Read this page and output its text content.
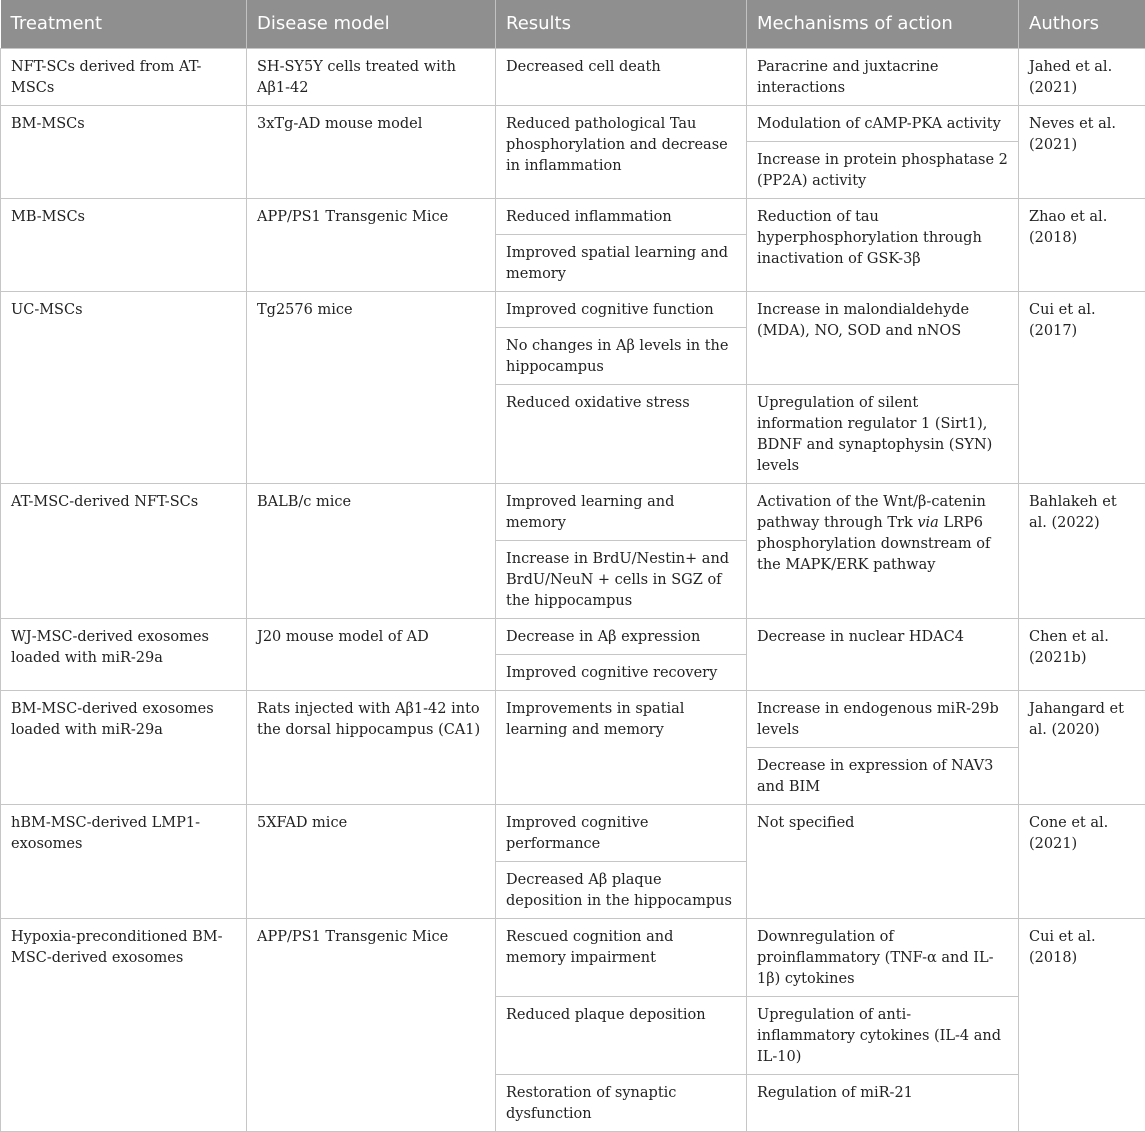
Treatment	Disease model	Results	Mechanisms of action	Authors
NFT-SCs derived from AT-MSCs	SH-SY5Y cells treated with Aβ1-42	Decreased cell death	Paracrine and juxtacrine interactions	Jahed et al. (2021)
BM-MSCs	3xTg-AD mouse model	Reduced pathological Tau phosphorylation and decrease in inflammation	Modulation of cAMP-PKA activity	Neves et al. (2021)
			Increase in protein phosphatase 2 (PP2A) activity	
MB-MSCs	APP/PS1 Transgenic Mice	Reduced inflammation	Reduction of tau hyperphosphorylation through inactivation of GSK-3β	Zhao et al. (2018)
		Improved spatial learning and memory		
UC-MSCs	Tg2576 mice	Improved cognitive function	Increase in malondialdehyde (MDA), NO, SOD and nNOS	Cui et al. (2017)
		No changes in Aβ levels in the hippocampus		
		Reduced oxidative stress	Upregulation of silent information regulator 1 (Sirt1), BDNF and synaptophysin (SYN) levels	
AT-MSC-derived NFT-SCs	BALB/c mice	Improved learning and memory	Activation of the Wnt/β-catenin pathway through Trk via LRP6 phosphorylation downstream of the MAPK/ERK pathway	Bahlakeh et al. (2022)
		Increase in BrdU/Nestin+ and BrdU/NeuN + cells in SGZ of the hippocampus		
WJ-MSC-derived exosomes loaded with miR-29a	J20 mouse model of AD	Decrease in Aβ expression	Decrease in nuclear HDAC4	Chen et al. (2021b)
		Improved cognitive recovery		
BM-MSC-derived exosomes loaded with miR-29a	Rats injected with Aβ1-42 into the dorsal hippocampus (CA1)	Improvements in spatial learning and memory	Increase in endogenous miR-29b levels	Jahangard et al. (2020)
			Decrease in expression of NAV3 and BIM	
hBM-MSC-derived LMP1-exosomes	5XFAD mice	Improved cognitive performance	Not specified	Cone et al. (2021)
		Decreased Aβ plaque deposition in the hippocampus		
Hypoxia-preconditioned BM-MSC-derived exosomes	APP/PS1 Transgenic Mice	Rescued cognition and memory impairment	Downregulation of proinflammatory (TNF-α and IL-1β) cytokines	Cui et al. (2018)
		Reduced plaque deposition	Upregulation of anti-inflammatory cytokines (IL-4 and IL-10)	
		Restoration of synaptic dysfunction	Regulation of miR-21	
